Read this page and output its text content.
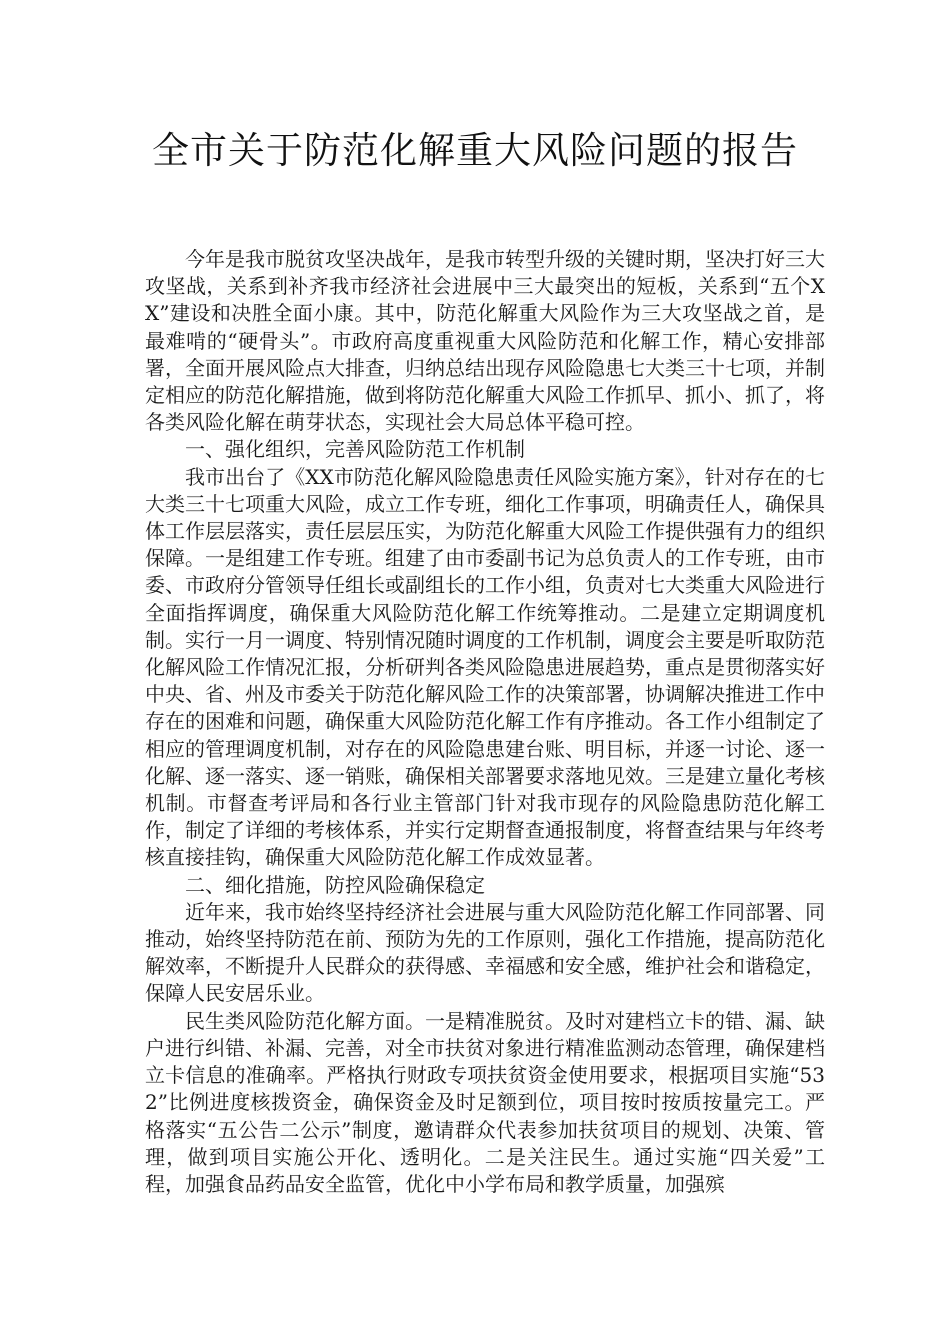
全市关于防范化解重大风险问题的报告

今年是我市脱贫攻坚决战年，是我市转型升级的关键时期，坚决打好三大攻坚战，关系到补齐我市经济社会进展中三大最突出的短板，关系到“五个XX”建设和决胜全面小康。其中，防范化解重大风险作为三大攻坚战之首，是最难啃的“硬骨头”。市政府高度重视重大风险防范和化解工作，精心安排部署，全面开展风险点大排查，归纳总结出现存风险隐患七大类三十七项，并制定相应的防范化解措施，做到将防范化解重大风险工作抓早、抓小、抓了，将各类风险化解在萌芽状态，实现社会大局总体平稳可控。

一、强化组织，完善风险防范工作机制

我市出台了《XX市防范化解风险隐患责任风险实施方案》，针对存在的七大类三十七项重大风险，成立工作专班，细化工作事项，明确责任人，确保具体工作层层落实，责任层层压实，为防范化解重大风险工作提供强有力的组织保障。一是组建工作专班。组建了由市委副书记为总负责人的工作专班，由市委、市政府分管领导任组长或副组长的工作小组，负责对七大类重大风险进行全面指挥调度，确保重大风险防范化解工作统筹推动。二是建立定期调度机制。实行一月一调度、特别情况随时调度的工作机制，调度会主要是听取防范化解风险工作情况汇报，分析研判各类风险隐患进展趋势，重点是贯彻落实好中央、省、州及市委关于防范化解风险工作的决策部署，协调解决推进工作中存在的困难和问题，确保重大风险防范化解工作有序推动。各工作小组制定了相应的管理调度机制，对存在的风险隐患建台账、明目标，并逐一讨论、逐一化解、逐一落实、逐一销账，确保相关部署要求落地见效。三是建立量化考核机制。市督查考评局和各行业主管部门针对我市现存的风险隐患防范化解工作，制定了详细的考核体系，并实行定期督查通报制度，将督查结果与年终考核直接挂钩，确保重大风险防范化解工作成效显著。

二、细化措施，防控风险确保稳定

近年来，我市始终坚持经济社会进展与重大风险防范化解工作同部署、同推动，始终坚持防范在前、预防为先的工作原则，强化工作措施，提高防范化解效率，不断提升人民群众的获得感、幸福感和安全感，维护社会和谐稳定，保障人民安居乐业。

民生类风险防范化解方面。一是精准脱贫。及时对建档立卡的错、漏、缺户进行纠错、补漏、完善，对全市扶贫对象进行精准监测动态管理，确保建档立卡信息的准确率。严格执行财政专项扶贫资金使用要求，根据项目实施“532”比例进度核拨资金，确保资金及时足额到位，项目按时按质按量完工。严格落实“五公告二公示”制度，邀请群众代表参加扶贫项目的规划、决策、管理，做到项目实施公开化、透明化。二是关注民生。通过实施“四关爱”工程，加强食品药品安全监管，优化中小学布局和教学质量，加强殡
